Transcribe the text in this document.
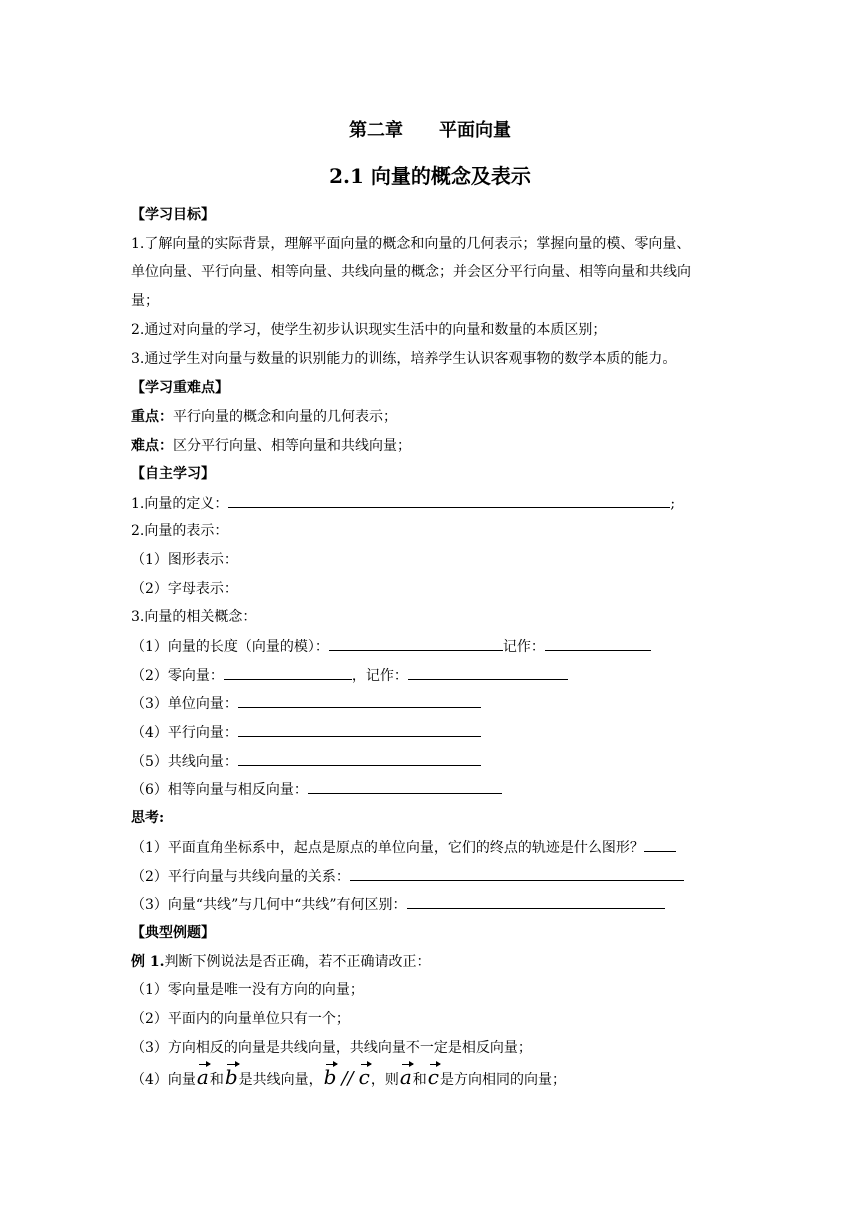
第二章 平面向量
2.1 向量的概念及表示
【学习目标】
1.了解向量的实际背景，理解平面向量的概念和向量的几何表示；掌握向量的模、零向量、
单位向量、平行向量、相等向量、共线向量的概念；并会区分平行向量、相等向量和共线向
量；
2.通过对向量的学习，使学生初步认识现实生活中的向量和数量的本质区别；
3.通过学生对向量与数量的识别能力的训练，培养学生认识客观事物的数学本质的能力。
【学习重难点】
重点：平行向量的概念和向量的几何表示；
难点：区分平行向量、相等向量和共线向量；
【自主学习】
1.向量的定义：	;
2.向量的表示：
（1）图形表示：
（2）字母表示：
3.向量的相关概念：
（1）向量的长度（向量的模）：	记作：
（2）零向量：	，记作：
（3）单位向量：
（4）平行向量：
（5）共线向量：
（6）相等向量与相反向量：
思考:
（1）平面直角坐标系中，起点是原点的单位向量，它们的终点的轨迹是什么图形？
（2）平行向量与共线向量的关系：
（3）向量“共线”与几何中“共线”有何区别：
【典型例题】
例 1.判断下例说法是否正确，若不正确请改正：
（1）零向量是唯一没有方向的向量；
（2）平面内的向量单位只有一个；
（3）方向相反的向量是共线向量，共线向量不一定是相反向量；
（4）向量a和b是共线向量，b // c，则a和c是方向相同的向量；
